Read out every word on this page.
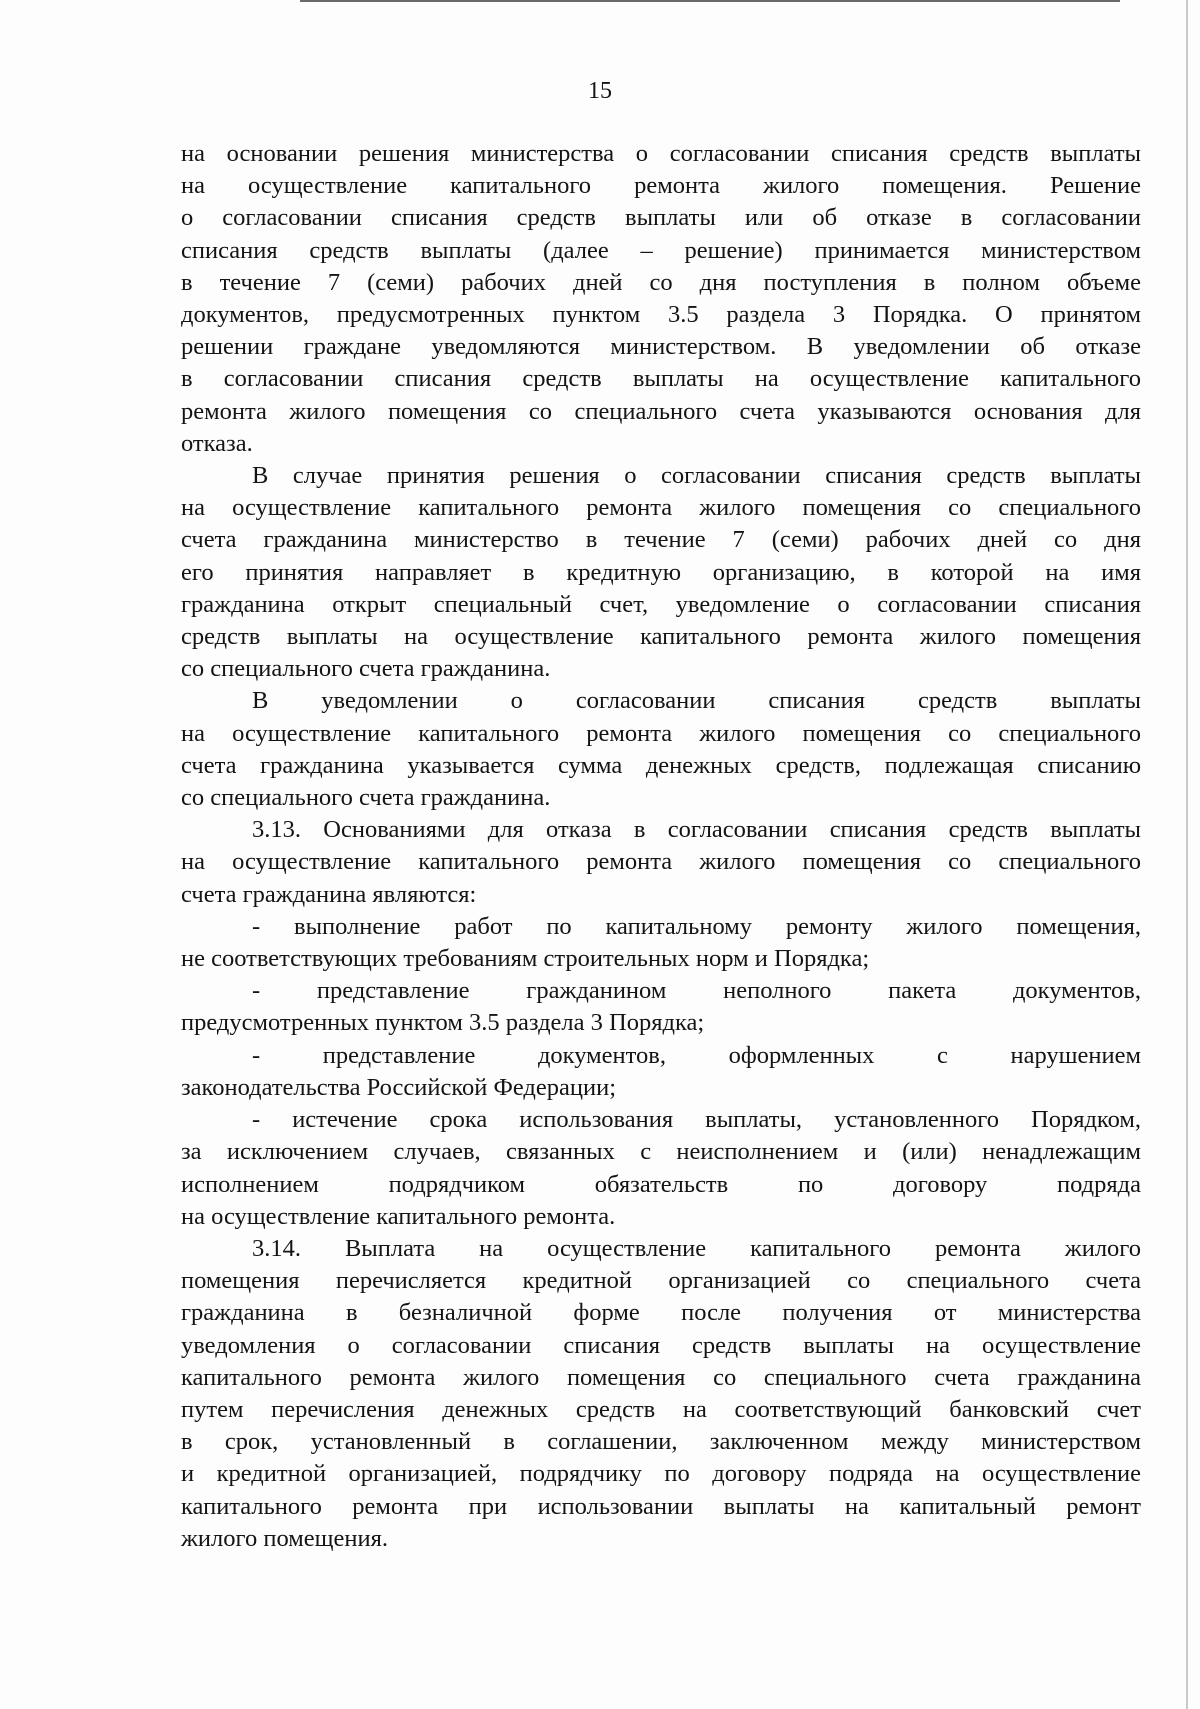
15
на основании решения министерства о согласовании списания средств выплаты
на осуществление капитального ремонта жилого помещения. Решение
о согласовании списания средств выплаты или об отказе в согласовании
списания средств выплаты (далее – решение) принимается министерством
в течение 7 (семи) рабочих дней со дня поступления в полном объеме
документов, предусмотренных пунктом 3.5 раздела 3 Порядка. О принятом
решении граждане уведомляются министерством. В уведомлении об отказе
в согласовании списания средств выплаты на осуществление капитального
ремонта жилого помещения со специального счета указываются основания для
отказа.
В случае принятия решения о согласовании списания средств выплаты
на осуществление капитального ремонта жилого помещения со специального
счета гражданина министерство в течение 7 (семи) рабочих дней со дня
его принятия направляет в кредитную организацию, в которой на имя
гражданина открыт специальный счет, уведомление о согласовании списания
средств выплаты на осуществление капитального ремонта жилого помещения
со специального счета гражданина.
В уведомлении о согласовании списания средств выплаты
на осуществление капитального ремонта жилого помещения со специального
счета гражданина указывается сумма денежных средств, подлежащая списанию
со специального счета гражданина.
3.13. Основаниями для отказа в согласовании списания средств выплаты
на осуществление капитального ремонта жилого помещения со специального
счета гражданина являются:
- выполнение работ по капитальному ремонту жилого помещения,
не соответствующих требованиям строительных норм и Порядка;
- представление гражданином неполного пакета документов,
предусмотренных пунктом 3.5 раздела 3 Порядка;
- представление документов, оформленных с нарушением
законодательства Российской Федерации;
- истечение срока использования выплаты, установленного Порядком,
за исключением случаев, связанных с неисполнением и (или) ненадлежащим
исполнением подрядчиком обязательств по договору подряда
на осуществление капитального ремонта.
3.14. Выплата на осуществление капитального ремонта жилого
помещения перечисляется кредитной организацией со специального счета
гражданина в безналичной форме после получения от министерства
уведомления о согласовании списания средств выплаты на осуществление
капитального ремонта жилого помещения со специального счета гражданина
путем перечисления денежных средств на соответствующий банковский счет
в срок, установленный в соглашении, заключенном между министерством
и кредитной организацией, подрядчику по договору подряда на осуществление
капитального ремонта при использовании выплаты на капитальный ремонт
жилого помещения.
